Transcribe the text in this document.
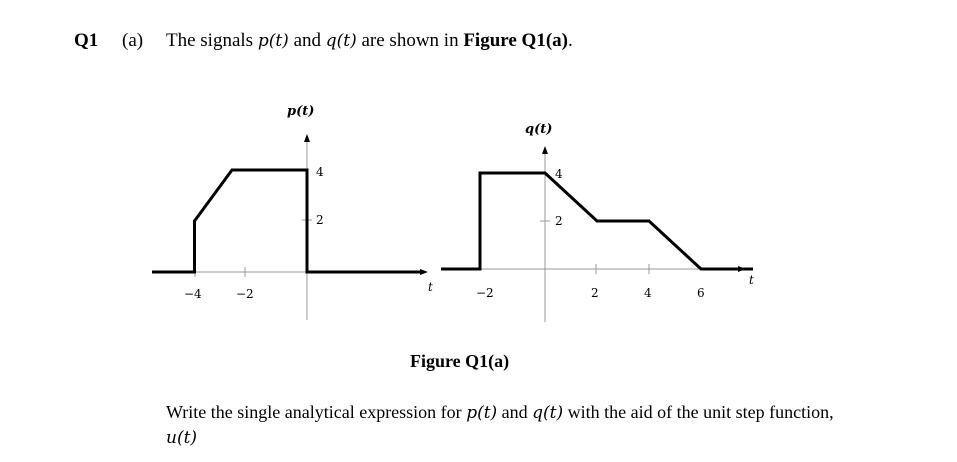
Q1 (a) The signals p(t) and q(t) are shown in Figure Q1(a).
p(t)
t
−4	−2
4
2
q(t)
t
−2	2	4	6
4
2
Figure Q1(a)
Write the single analytical expression for p(t) and q(t) with the aid of the unit step function, u(t)
